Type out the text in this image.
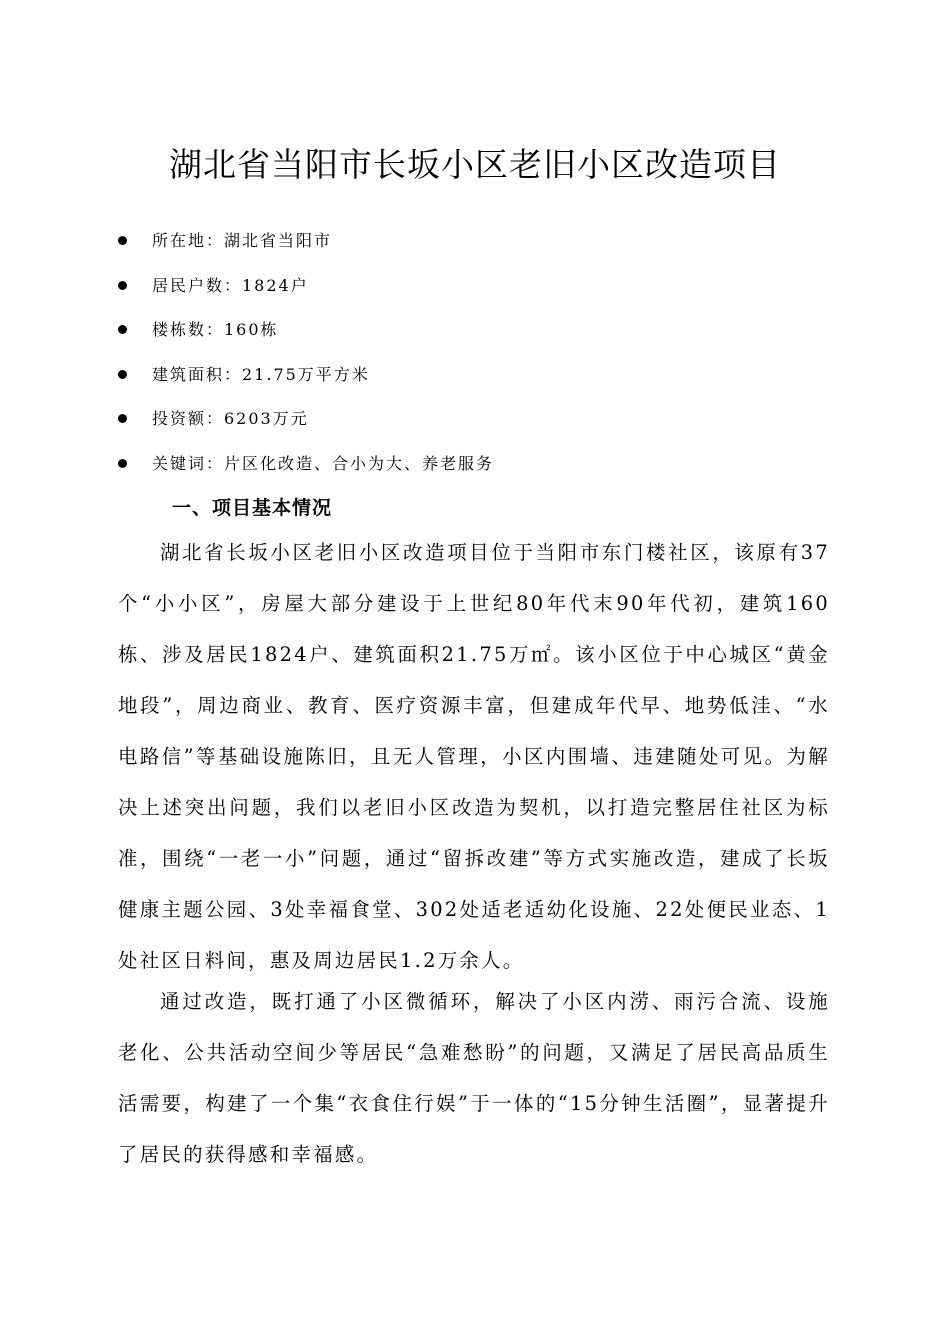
湖北省当阳市长坂小区老旧小区改造项目
所在地：湖北省当阳市
居民户数：1824户
楼栋数：160栋
建筑面积：21.75万平方米
投资额：6203万元
关键词：片区化改造、合小为大、养老服务
一、项目基本情况

湖北省长坂小区老旧小区改造项目位于当阳市东门楼社区，该原有37个“小小区”，房屋大部分建设于上世纪80年代末90年代初，建筑160栋、涉及居民1824户、建筑面积21.75万㎡。该小区位于中心城区“黄金地段”，周边商业、教育、医疗资源丰富，但建成年代早、地势低洼、“水电路信”等基础设施陈旧，且无人管理，小区内围墙、违建随处可见。为解决上述突出问题，我们以老旧小区改造为契机，以打造完整居住社区为标准，围绕“一老一小”问题，通过“留拆改建”等方式实施改造，建成了长坂健康主题公园、3处幸福食堂、302处适老适幼化设施、22处便民业态、1处社区日料间，惠及周边居民1.2万余人。

通过改造，既打通了小区微循环，解决了小区内涝、雨污合流、设施老化、公共活动空间少等居民“急难愁盼”的问题，又满足了居民高品质生活需要，构建了一个集“衣食住行娱”于一体的“15分钟生活圈”，显著提升了居民的获得感和幸福感。
